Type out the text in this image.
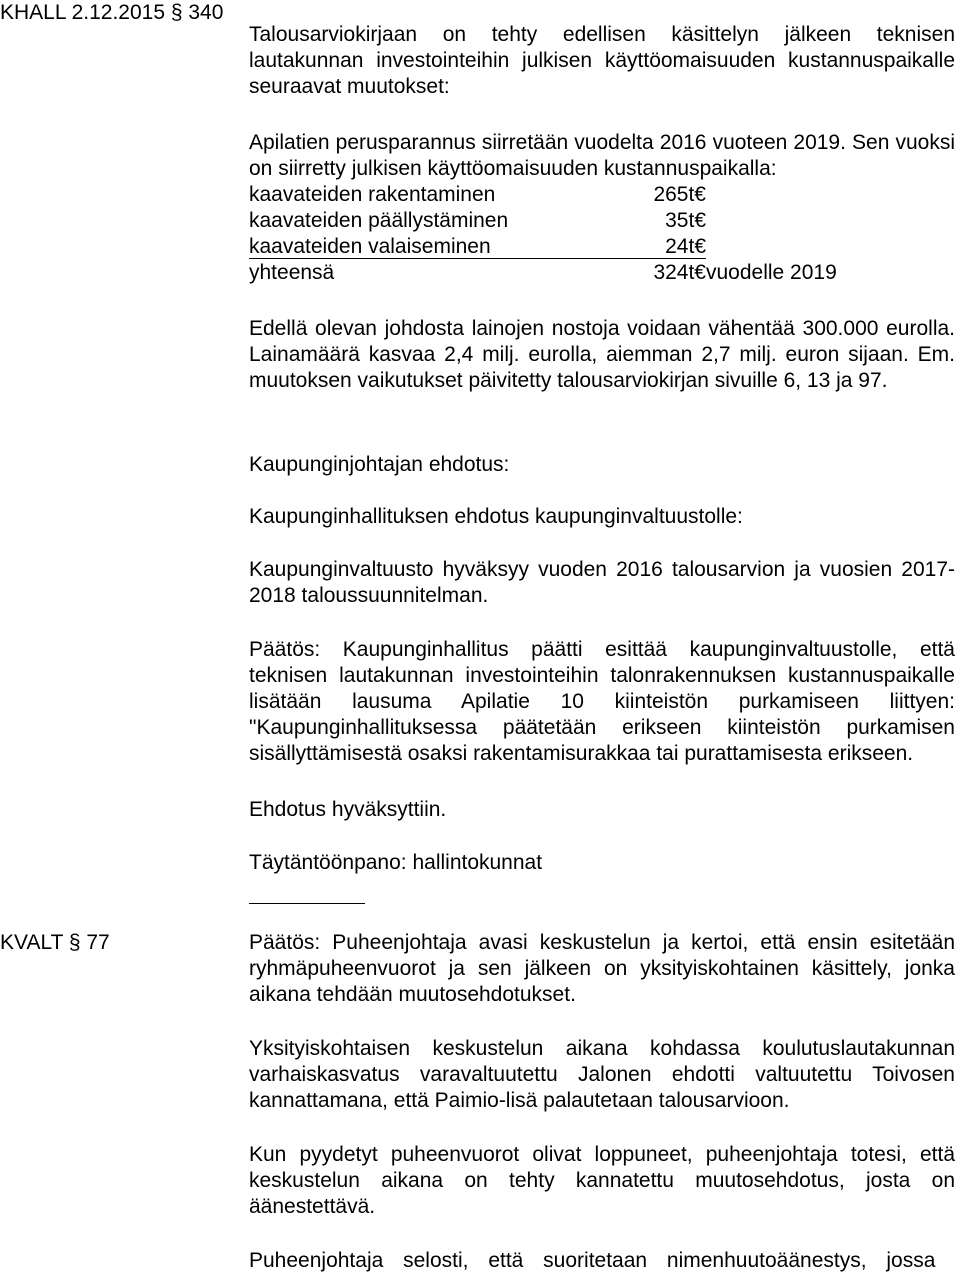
KHALL 2.12.2015 § 340

Talousarviokirjaan on tehty edellisen käsittelyn jälkeen teknisen lautakunnan investointeihin julkisen käyttöomaisuuden kustannuspaikalle seuraavat muutokset:

Apilatien perusparannus siirretään vuodelta 2016 vuoteen 2019. Sen vuoksi on siirretty julkisen käyttöomaisuuden kustannuspaikalla:

kaavateiden rakentaminen	265t€
kaavateiden päällystäminen	35t€
kaavateiden valaiseminen	24t€
yhteensä	324t€ vuodelle 2019

Edellä olevan johdosta lainojen nostoja voidaan vähentää 300.000 eurolla. Lainamäärä kasvaa 2,4 milj. eurolla, aiemman 2,7 milj. euron sijaan. Em. muutoksen vaikutukset päivitetty talousarviokirjan sivuille 6, 13 ja 97.

Kaupunginjohtajan ehdotus:
Kaupunginhallituksen ehdotus kaupunginvaltuustolle:

Kaupunginvaltuusto hyväksyy vuoden 2016 talousarvion ja vuosien 2017-2018 taloussuunnitelman.

Päätös: Kaupunginhallitus päätti esittää kaupunginvaltuustolle, että teknisen lautakunnan investointeihin talonrakennuksen kustannuspaikalle lisätään lausuma Apilatie 10 kiinteistön purkamiseen liittyen: "Kaupunginhallituksessa päätetään erikseen kiinteistön purkamisen sisällyttämisestä osaksi rakentamisurakkaa tai purattamisesta erikseen.

Ehdotus hyväksyttiin.
Täytäntöönpano: hallintokunnat
KVALT § 77	Päätös: Puheenjohtaja avasi keskustelun ja kertoi, että ensin esitetään ryhmäpuheenvuorot ja sen jälkeen on yksityiskohtainen käsittely, jonka aikana tehdään muutosehdotukset.

Yksityiskohtaisen keskustelun aikana kohdassa koulutuslautakunnan varhaiskasvatus varavaltuutettu Jalonen ehdotti valtuutettu Toivosen kannattamana, että Paimio-lisä palautetaan talousarvioon.

Kun pyydetyt puheenvuorot olivat loppuneet, puheenjohtaja totesi, että keskustelun aikana on tehty kannatettu muutosehdotus, josta on äänestettävä.

Puheenjohtaja selosti, että suoritetaan nimenhuutoäänestys, jossa
